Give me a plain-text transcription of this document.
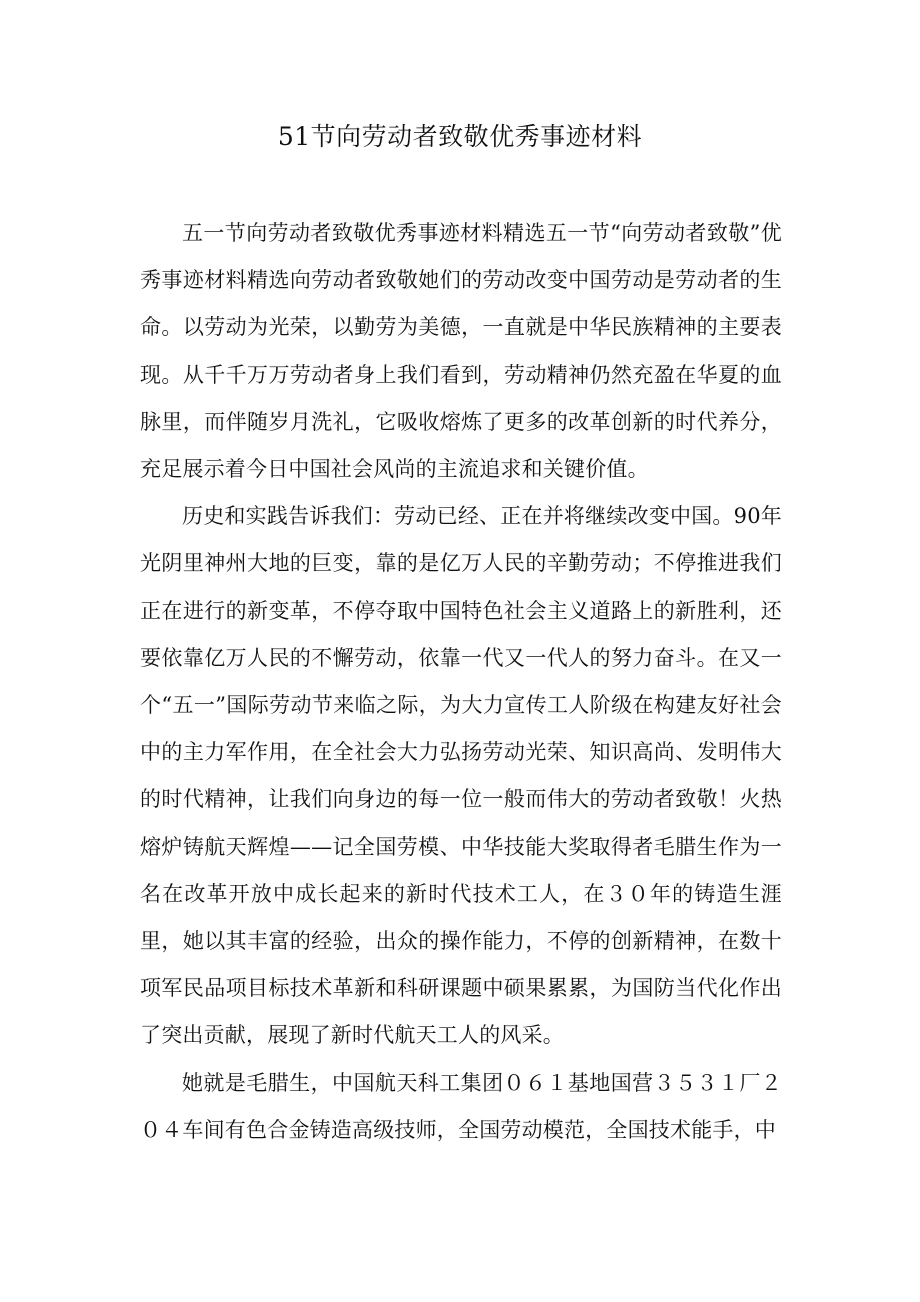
51节向劳动者致敬优秀事迹材料

五一节向劳动者致敬优秀事迹材料精选五一节“向劳动者致敬”优秀事迹材料精选向劳动者致敬她们的劳动改变中国劳动是劳动者的生命。以劳动为光荣，以勤劳为美德，一直就是中华民族精神的主要表现。从千千万万劳动者身上我们看到，劳动精神仍然充盈在华夏的血脉里，而伴随岁月洗礼，它吸收熔炼了更多的改革创新的时代养分，充足展示着今日中国社会风尚的主流追求和关键价值。

历史和实践告诉我们：劳动已经、正在并将继续改变中国。90年光阴里神州大地的巨变，靠的是亿万人民的辛勤劳动；不停推进我们正在进行的新变革，不停夺取中国特色社会主义道路上的新胜利，还要依靠亿万人民的不懈劳动，依靠一代又一代人的努力奋斗。在又一个“五一”国际劳动节来临之际，为大力宣传工人阶级在构建友好社会中的主力军作用，在全社会大力弘扬劳动光荣、知识高尚、发明伟大的时代精神，让我们向身边的每一位一般而伟大的劳动者致敬！火热熔炉铸航天辉煌——记全国劳模、中华技能大奖取得者毛腊生作为一名在改革开放中成长起来的新时代技术工人，在３０年的铸造生涯里，她以其丰富的经验，出众的操作能力，不停的创新精神，在数十项军民品项目标技术革新和科研课题中硕果累累，为国防当代化作出了突出贡献，展现了新时代航天工人的风采。

她就是毛腊生，中国航天科工集团０６１基地国营３５３１厂２０４车间有色合金铸造高级技师，全国劳动模范，全国技术能手，中
